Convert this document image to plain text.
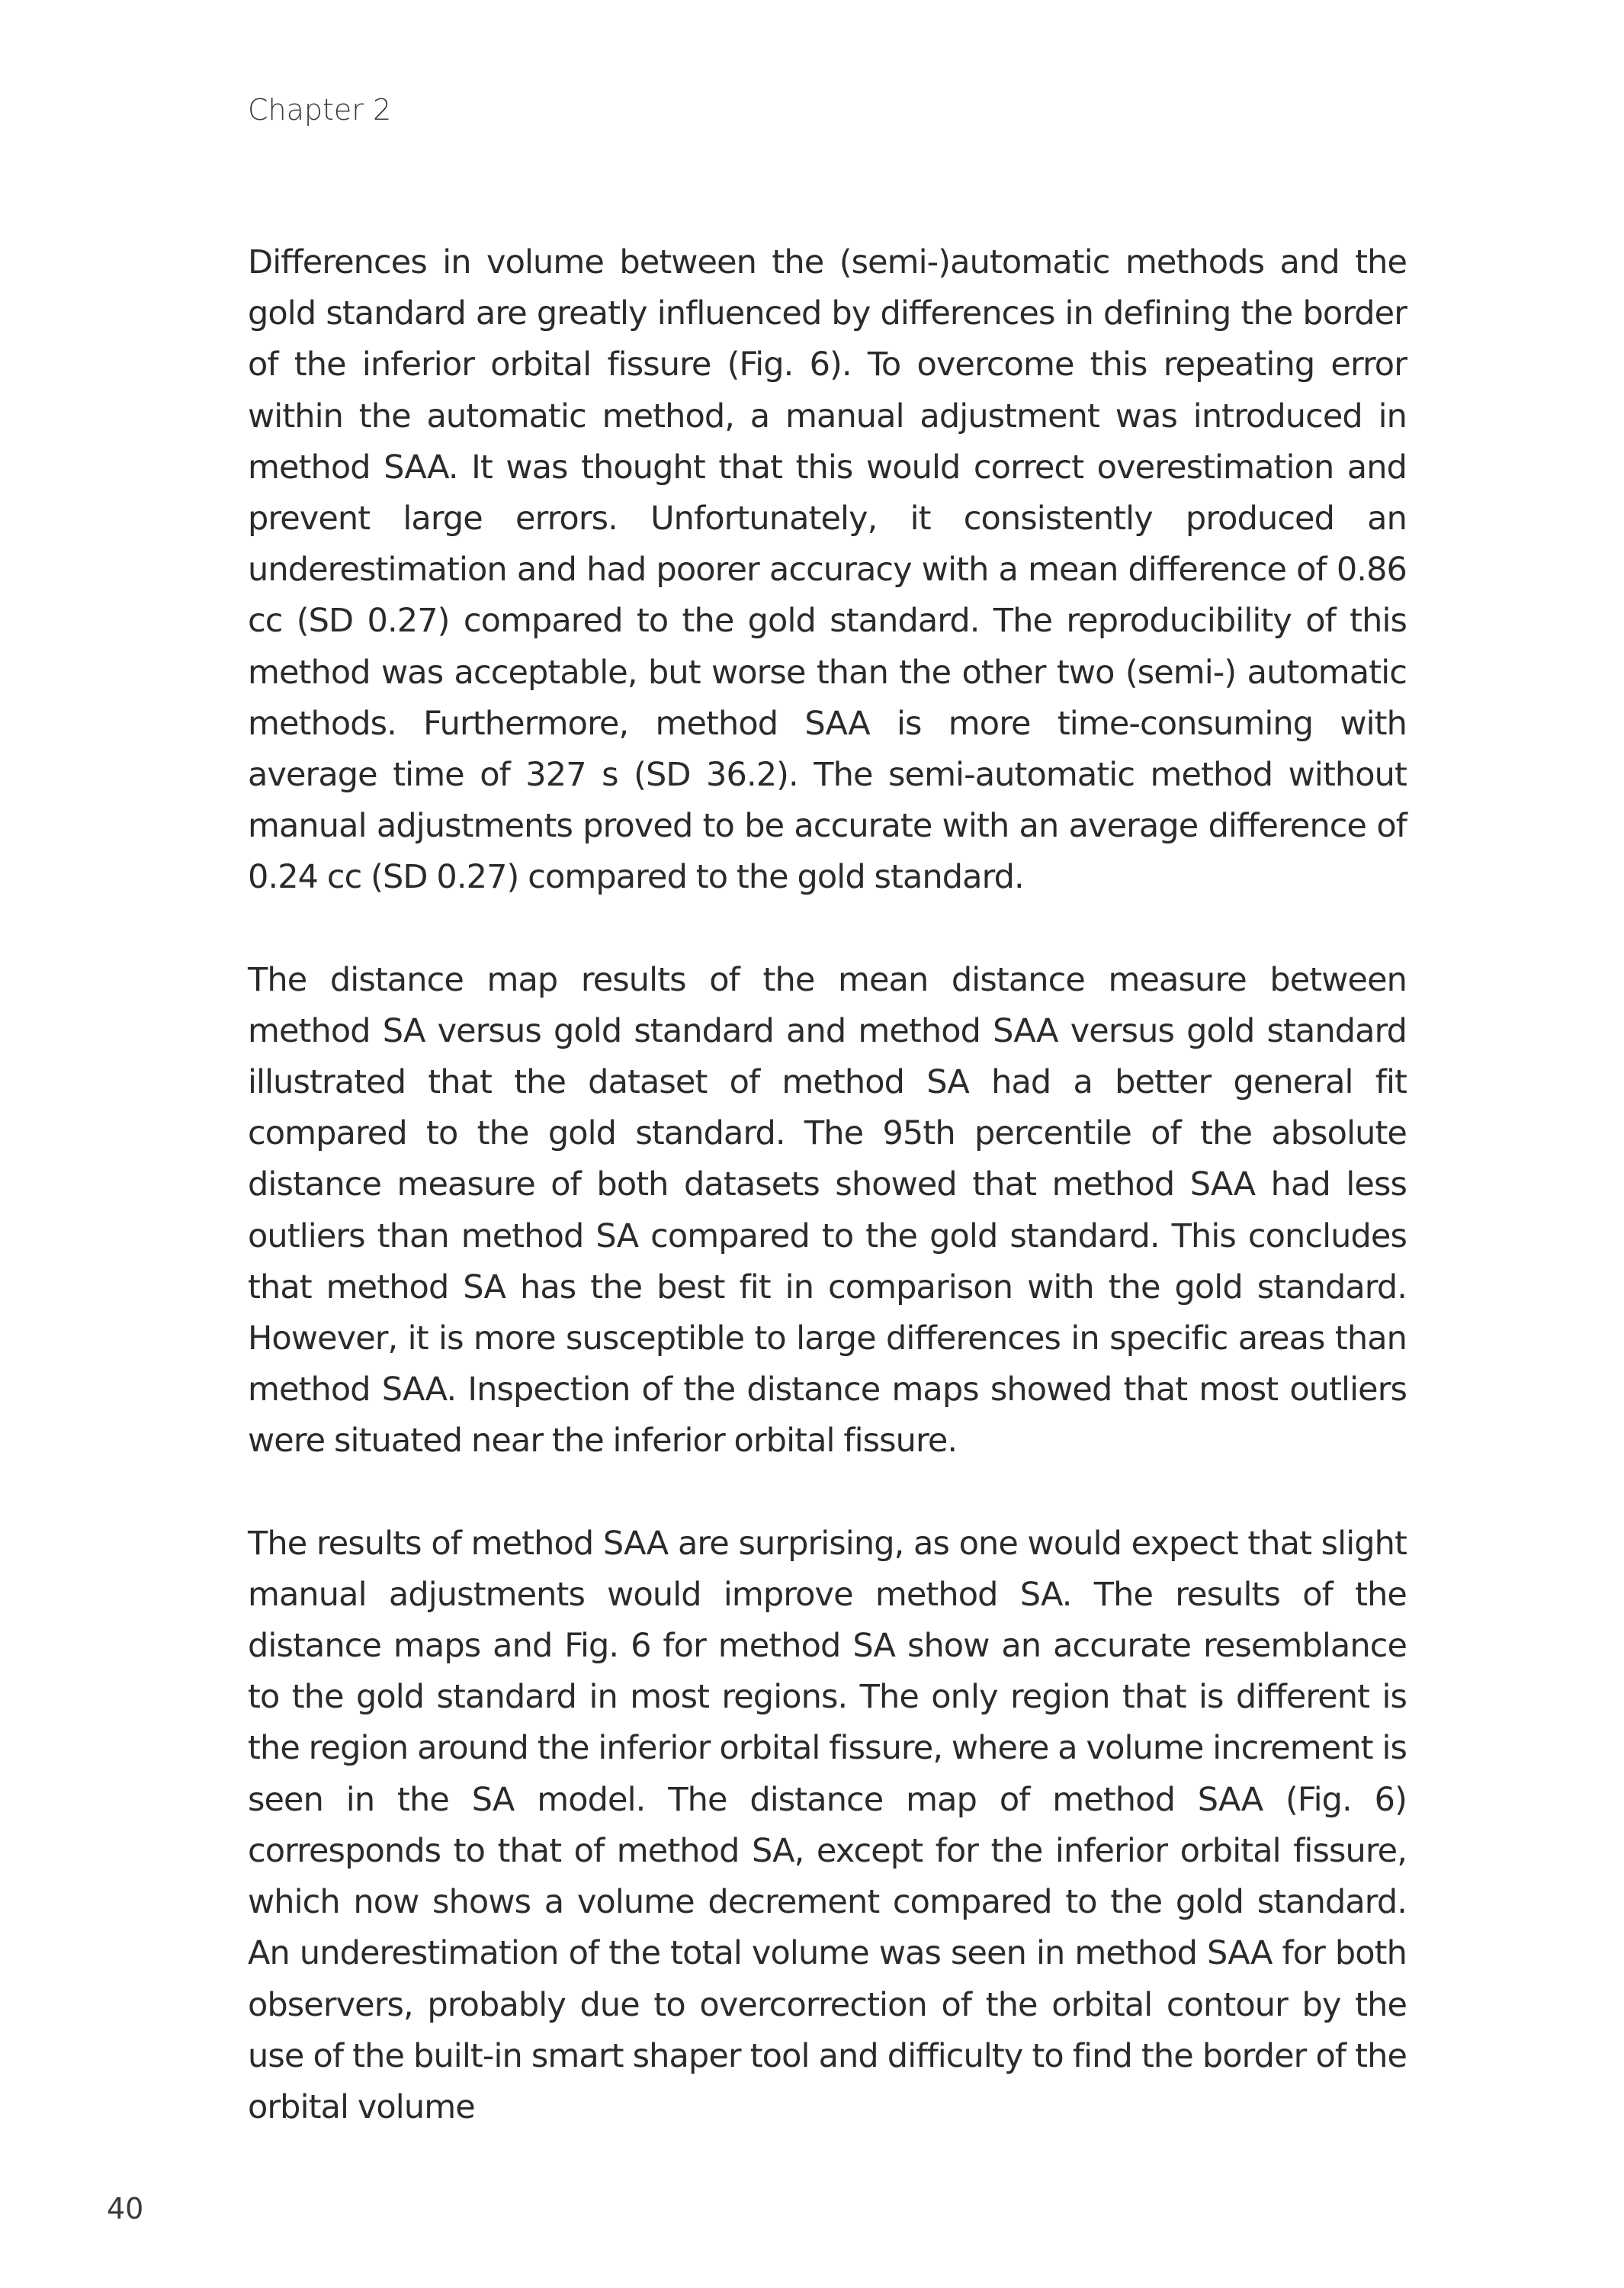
Chapter 2

Differences in volume between the (semi-)automatic methods and the gold standard are greatly influenced by differences in defining the border of the inferior orbital fissure (Fig. 6). To overcome this repeating error within the automatic method, a manual adjustment was introduced in method SAA. It was thought that this would correct overestimation and prevent large errors. Unfortunately, it consistently produced an underestimation and had poorer accuracy with a mean difference of 0.86 cc (SD 0.27) compared to the gold standard. The reproducibility of this method was acceptable, but worse than the other two (semi-) automatic methods. Furthermore, method SAA is more time-consuming with average time of 327 s (SD 36.2). The semi-automatic method without manual adjustments proved to be accurate with an average difference of 0.24 cc (SD 0.27) compared to the gold standard.

The distance map results of the mean distance measure between method SA versus gold standard and method SAA versus gold standard illustrated that the dataset of method SA had a better general fit compared to the gold standard. The 95th percentile of the absolute distance measure of both datasets showed that method SAA had less outliers than method SA compared to the gold standard. This concludes that method SA has the best fit in comparison with the gold standard. However, it is more susceptible to large differences in specific areas than method SAA. Inspection of the distance maps showed that most outliers were situated near the inferior orbital fissure.

The results of method SAA are surprising, as one would expect that slight manual adjustments would improve method SA. The results of the distance maps and Fig. 6 for method SA show an accurate resemblance to the gold standard in most regions. The only region that is different is the region around the inferior orbital fissure, where a volume increment is seen in the SA model. The distance map of method SAA (Fig. 6) corresponds to that of method SA, except for the inferior orbital fissure, which now shows a volume decrement compared to the gold standard. An underestimation of the total volume was seen in method SAA for both observers, probably due to overcorrection of the orbital contour by the use of the built-in smart shaper tool and difficulty to find the border of the orbital volume

40
